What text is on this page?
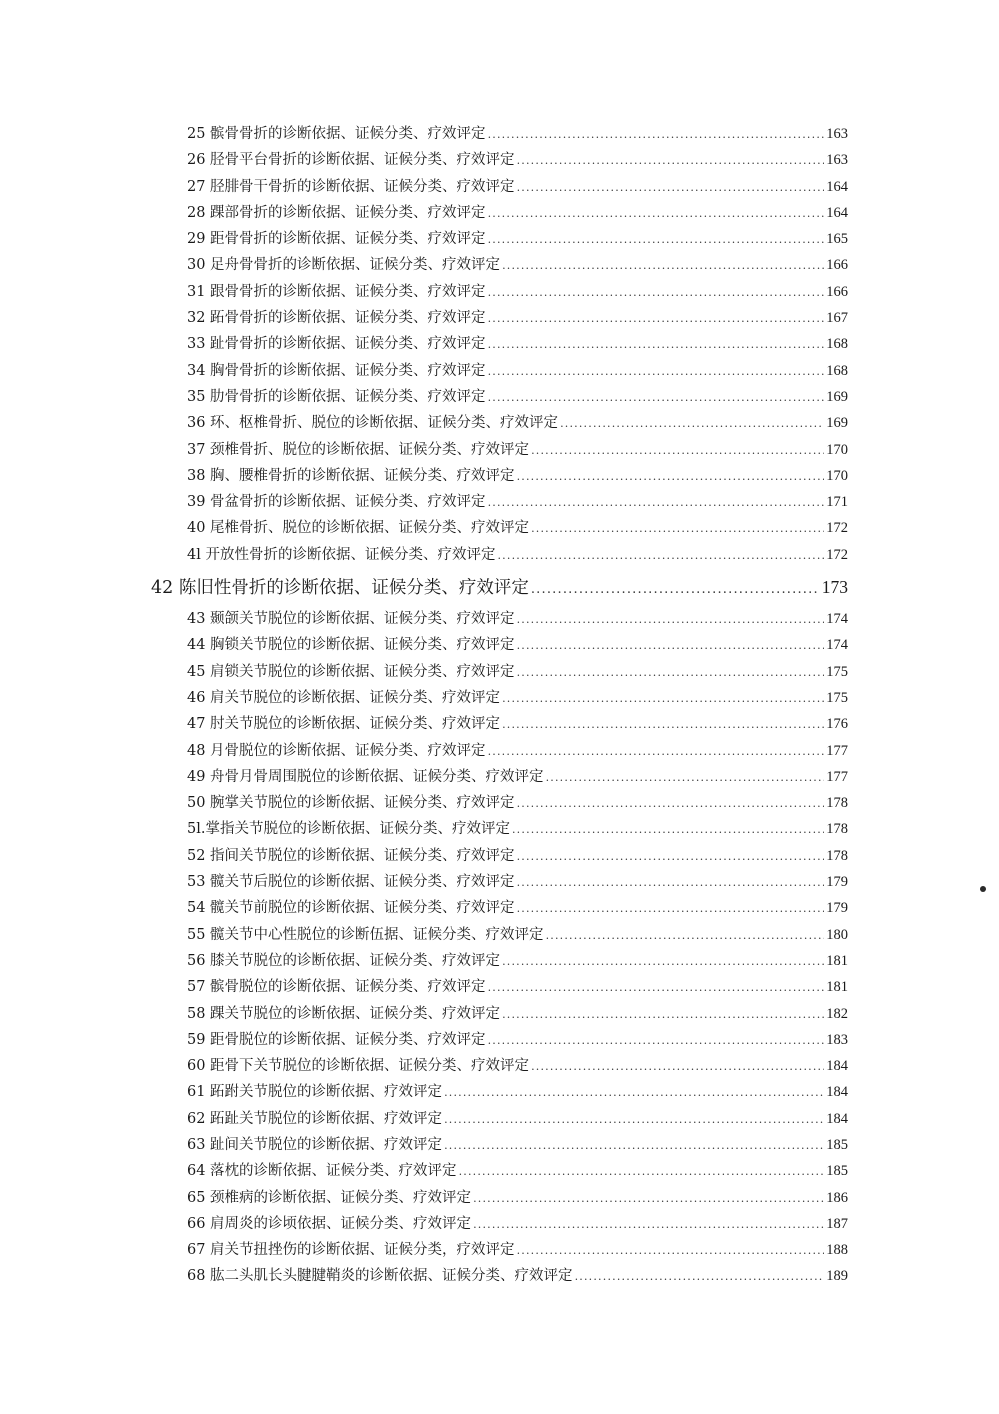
25 髌骨骨折的诊断依据、证候分类、疗效评定 .....	163
26 胫骨平台骨折的诊断依据、证候分类、疗效评定 .....	163
27 胫腓骨干骨折的诊断依据、证候分类、疗效评定 .....	164
28 踝部骨折的诊断依据、证候分类、疗效评定 .....	164
29 距骨骨折的诊断依据、证候分类、疗效评定 .....	165
30 足舟骨骨折的诊断依据、证候分类、疗效评定 .....	166
31 跟骨骨折的诊断依据、证候分类、疗效评定 .....	166
32 跖骨骨折的诊断依据、证候分类、疗效评定 .....	167
33 趾骨骨折的诊断依据、证候分类、疗效评定 .....	168
34 胸骨骨折的诊断依据、证候分类、疗效评定 .....	168
35 肋骨骨折的诊断依据、证候分类、疗效评定 .....	169
36 环、枢椎骨折、脱位的诊断依据、证候分类、疗效评定 .....	169
37 颈椎骨折、脱位的诊断依据、证候分类、疗效评定 .....	170
38 胸、腰椎骨折的诊断依据、证候分类、疗效评定 .....	170
39 骨盆骨折的诊断依据、证候分类、疗效评定 .....	171
40 尾椎骨折、脱位的诊断依据、证候分类、疗效评定 .....	172
4l 开放性骨折的诊断依据、证候分类、疗效评定 .....	172
42 陈旧性骨折的诊断依据、证候分类、疗效评定 .....	173
43 颞颌关节脱位的诊断依据、证候分类、疗效评定 .....	174
44 胸锁关节脱位的诊断依据、证候分类、疗效评定 .....	174
45 肩锁关节脱位的诊断依据、证候分类、疗效评定 .....	175
46 肩关节脱位的诊断依据、证候分类、疗效评定 .....	175
47 肘关节脱位的诊断依据、证候分类、疗效评定 .....	176
48 月骨脱位的诊断依据、证候分类、疗效评定 .....	177
49 舟骨月骨周围脱位的诊断依据、证候分类、疗效评定 .....	177
50 腕掌关节脱位的诊断依据、证候分类、疗效评定 .....	178
5l.掌指关节脱位的诊断依据、证候分类、疗效评定 .....	178
52 指间关节脱位的诊断依据、证候分类、疗效评定 .....	178
53 髋关节后脱位的诊断依据、证候分类、疗效评定 .....	179
54 髋关节前脱位的诊断依据、证候分类、疗效评定 .....	179
55 髋关节中心性脱位的诊断伍据、证候分类、疗效评定 .....	180
56 膝关节脱位的诊断依据、证候分类、疗效评定 .....	181
57 髌骨脱位的诊断依据、证候分类、疗效评定 .....	181
58 踝关节脱位的诊断依据、证候分类、疗效评定 .....	182
59 距骨脱位的诊断依据、证候分类、疗效评定 .....	183
60 距骨下关节脱位的诊断依据、证候分类、疗效评定 .....	184
61 跖跗关节脱位的诊断依据、疗效评定 .....	184
62 跖趾关节脱位的诊断依据、疗效评定 .....	184
63 趾间关节脱位的诊断依据、疗效评定 .....	185
64 落枕的诊断依据、证候分类、疗效评定 .....	185
65 颈椎病的诊断依据、证候分类、疗效评定 .....	186
66 肩周炎的诊顷依据、证候分类、疗效评定 .....	187
67 肩关节扭挫伤的诊断依据、证候分类，疗效评定 .....	188
68 肱二头肌长头腱腱鞘炎的诊断依据、证候分类、疗效评定 .....	189
